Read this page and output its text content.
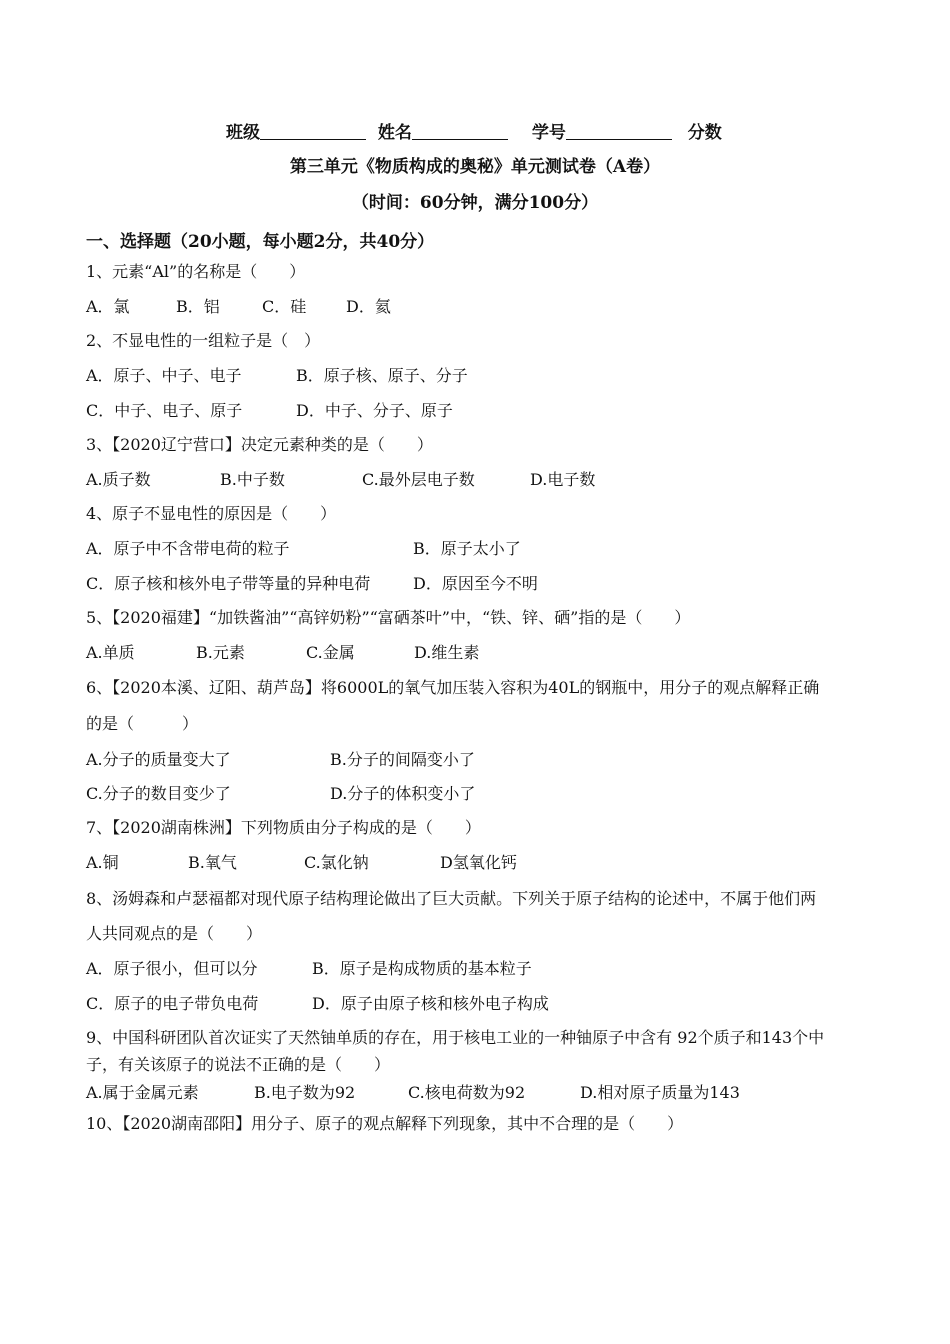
班级	姓名	学号	分数
第三单元《物质构成的奥秘》单元测试卷（A卷）
（时间：60分钟，满分100分）
一、选择题（20小题，每小题2分，共40分）
1、元素“Al”的名称是（　　）
A．氯	B．铝	C．硅 D．氦
2、不显电性的一组粒子是（　）
A．原子、中子、电子	B．原子核、原子、分子
C．中子、电子、原子	D．中子、分子、原子
3、【2020辽宁营口】决定元素种类的是（　　）
A.质子数	B.中子数	C.最外层电子数	D.电子数
4、原子不显电性的原因是（　　）
A．原子中不含带电荷的粒子	B．原子太小了
C．原子核和核外电子带等量的异种电荷	D．原因至今不明
5、【2020福建】“加铁酱油”“高锌奶粉”“富硒茶叶”中，“铁、锌、硒”指的是（　　）
A.单质	B.元素	C.金属	D.维生素
6、【2020本溪、辽阳、葫芦岛】将6000L的氧气加压装入容积为40L的钢瓶中，用分子的观点解释正确
的是（　　　）
A.分子的质量变大了	B.分子的间隔变小了
C.分子的数目变少了	D.分子的体积变小了
7、【2020湖南株洲】下列物质由分子构成的是（　　）
A.铜	B.氧气	C.氯化钠	D氢氧化钙
8、汤姆森和卢瑟福都对现代原子结构理论做出了巨大贡献。下列关于原子结构的论述中，不属于他们两
人共同观点的是（　　）
A．原子很小，但可以分	B．原子是构成物质的基本粒子
C．原子的电子带负电荷	D．原子由原子核和核外电子构成
9、中国科研团队首次证实了天然铀单质的存在，用于核电工业的一种铀原子中含有 92个质子和143个中
子，有关该原子的说法不正确的是（　　）
A.属于金属元素	B.电子数为92	C.核电荷数为92	D.相对原子质量为143
10、【2020湖南邵阳】用分子、原子的观点解释下列现象，其中不合理的是（　　）
